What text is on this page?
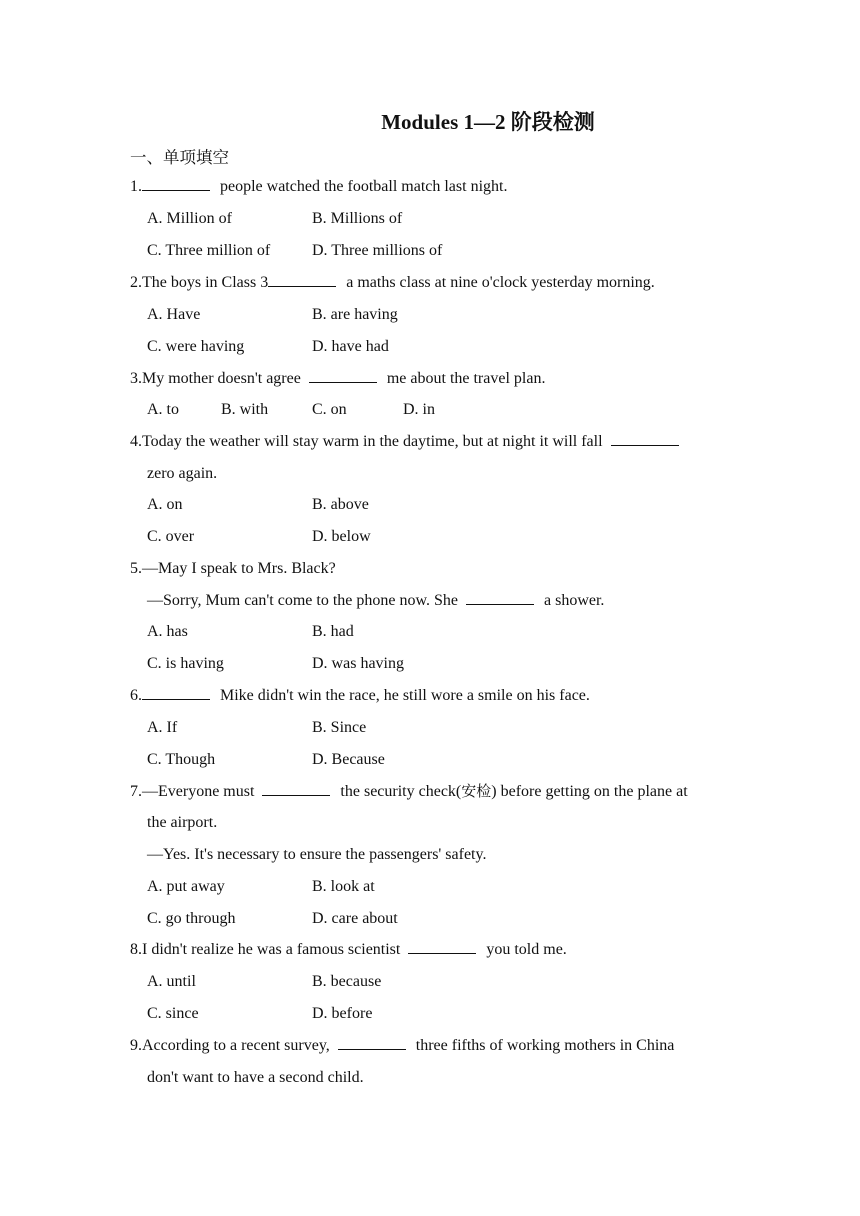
Modules 1—2 阶段检测
一、单项填空
1.	people watched the football match last night.
A. Million of	B. Millions of
C. Three million of	D. Three millions of
2.The boys in Class 3	a maths class at nine o'clock yesterday morning.
A. Have	B. are having
C. were having	D. have had
3.My mother doesn't agree	me about the travel plan.
A. to	B. with	C. on	D. in
4.Today the weather will stay warm in the daytime, but at night it will fall
zero again.
A. on	B. above
C. over	D. below
5.—May I speak to Mrs. Black?
—Sorry, Mum can't come to the phone now. She	a shower.
A. has	B. had
C. is having	D. was having
6.	Mike didn't win the race, he still wore a smile on his face.
A. If	B. Since
C. Though	D. Because
7.—Everyone must	the security check(安检) before getting on the plane at
the airport.
—Yes. It's necessary to ensure the passengers' safety.
A. put away	B. look at
C. go through	D. care about
8.I didn't realize he was a famous scientist	you told me.
A. until	B. because
C. since	D. before
9.According to a recent survey,	three fifths of working mothers in China
don't want to have a second child.
